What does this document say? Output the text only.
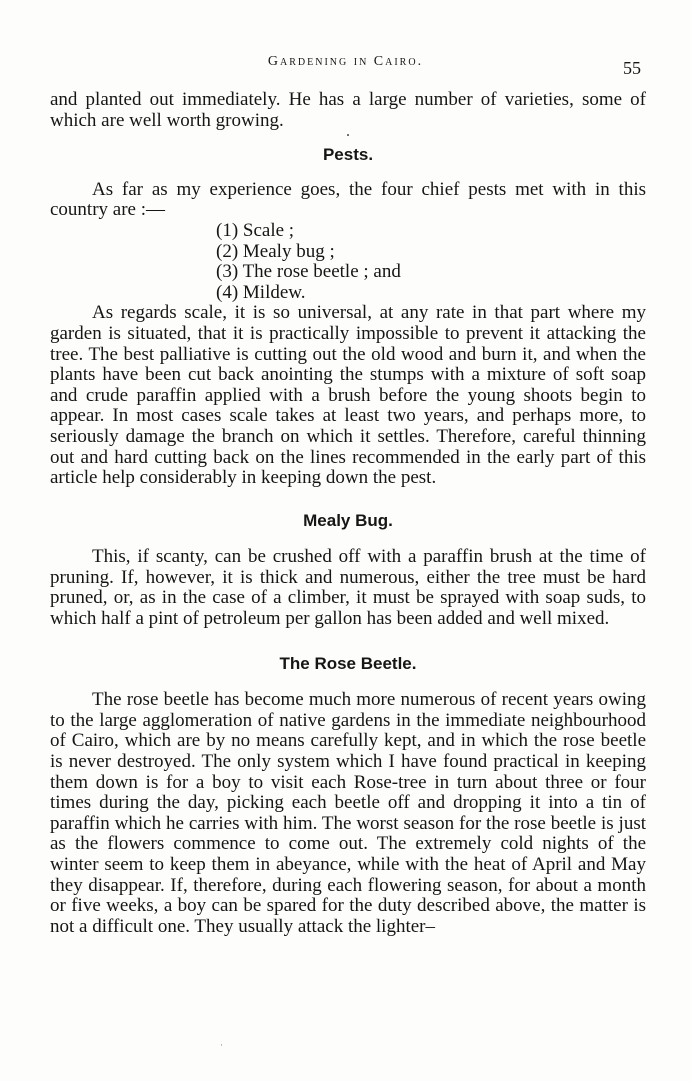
Gardening in Cairo.	55

and planted out immediately. He has a large number of varieties, some of which are well worth growing.

•

Pests.

As far as my experience goes, the four chief pests met with in this country are :—

(1) Scale ;
(2) Mealy bug ;
(3) The rose beetle ; and
(4) Mildew.

As regards scale, it is so universal, at any rate in that part where my garden is situated, that it is practically impossible to prevent it attacking the tree. The best palliative is cutting out the old wood and burn it, and when the plants have been cut back anointing the stumps with a mixture of soft soap and crude paraffin applied with a brush before the young shoots begin to appear. In most cases scale takes at least two years, and perhaps more, to seriously damage the branch on which it settles. Therefore, careful thinning out and hard cutting back on the lines recommended in the early part of this article help considerably in keeping down the pest.

Mealy Bug.

This, if scanty, can be crushed off with a paraffin brush at the time of pruning. If, however, it is thick and numerous, either the tree must be hard pruned, or, as in the case of a climber, it must be sprayed with soap suds, to which half a pint of petroleum per gallon has been added and well mixed.

The Rose Beetle.

The rose beetle has become much more numerous of recent years owing to the large agglomeration of native gardens in the immediate neighbourhood of Cairo, which are by no means carefully kept, and in which the rose beetle is never destroyed. The only system which I have found practical in keeping them down is for a boy to visit each Rose-tree in turn about three or four times during the day, picking each beetle off and dropping it into a tin of paraffin which he carries with him. The worst season for the rose beetle is just as the flowers commence to come out. The extremely cold nights of the winter seem to keep them in abeyance, while with the heat of April and May they disappear. If, therefore, during each flowering season, for about a month or five weeks, a boy can be spared for the duty described above, the matter is not a difficult one. They usually attack the lighter–

·
